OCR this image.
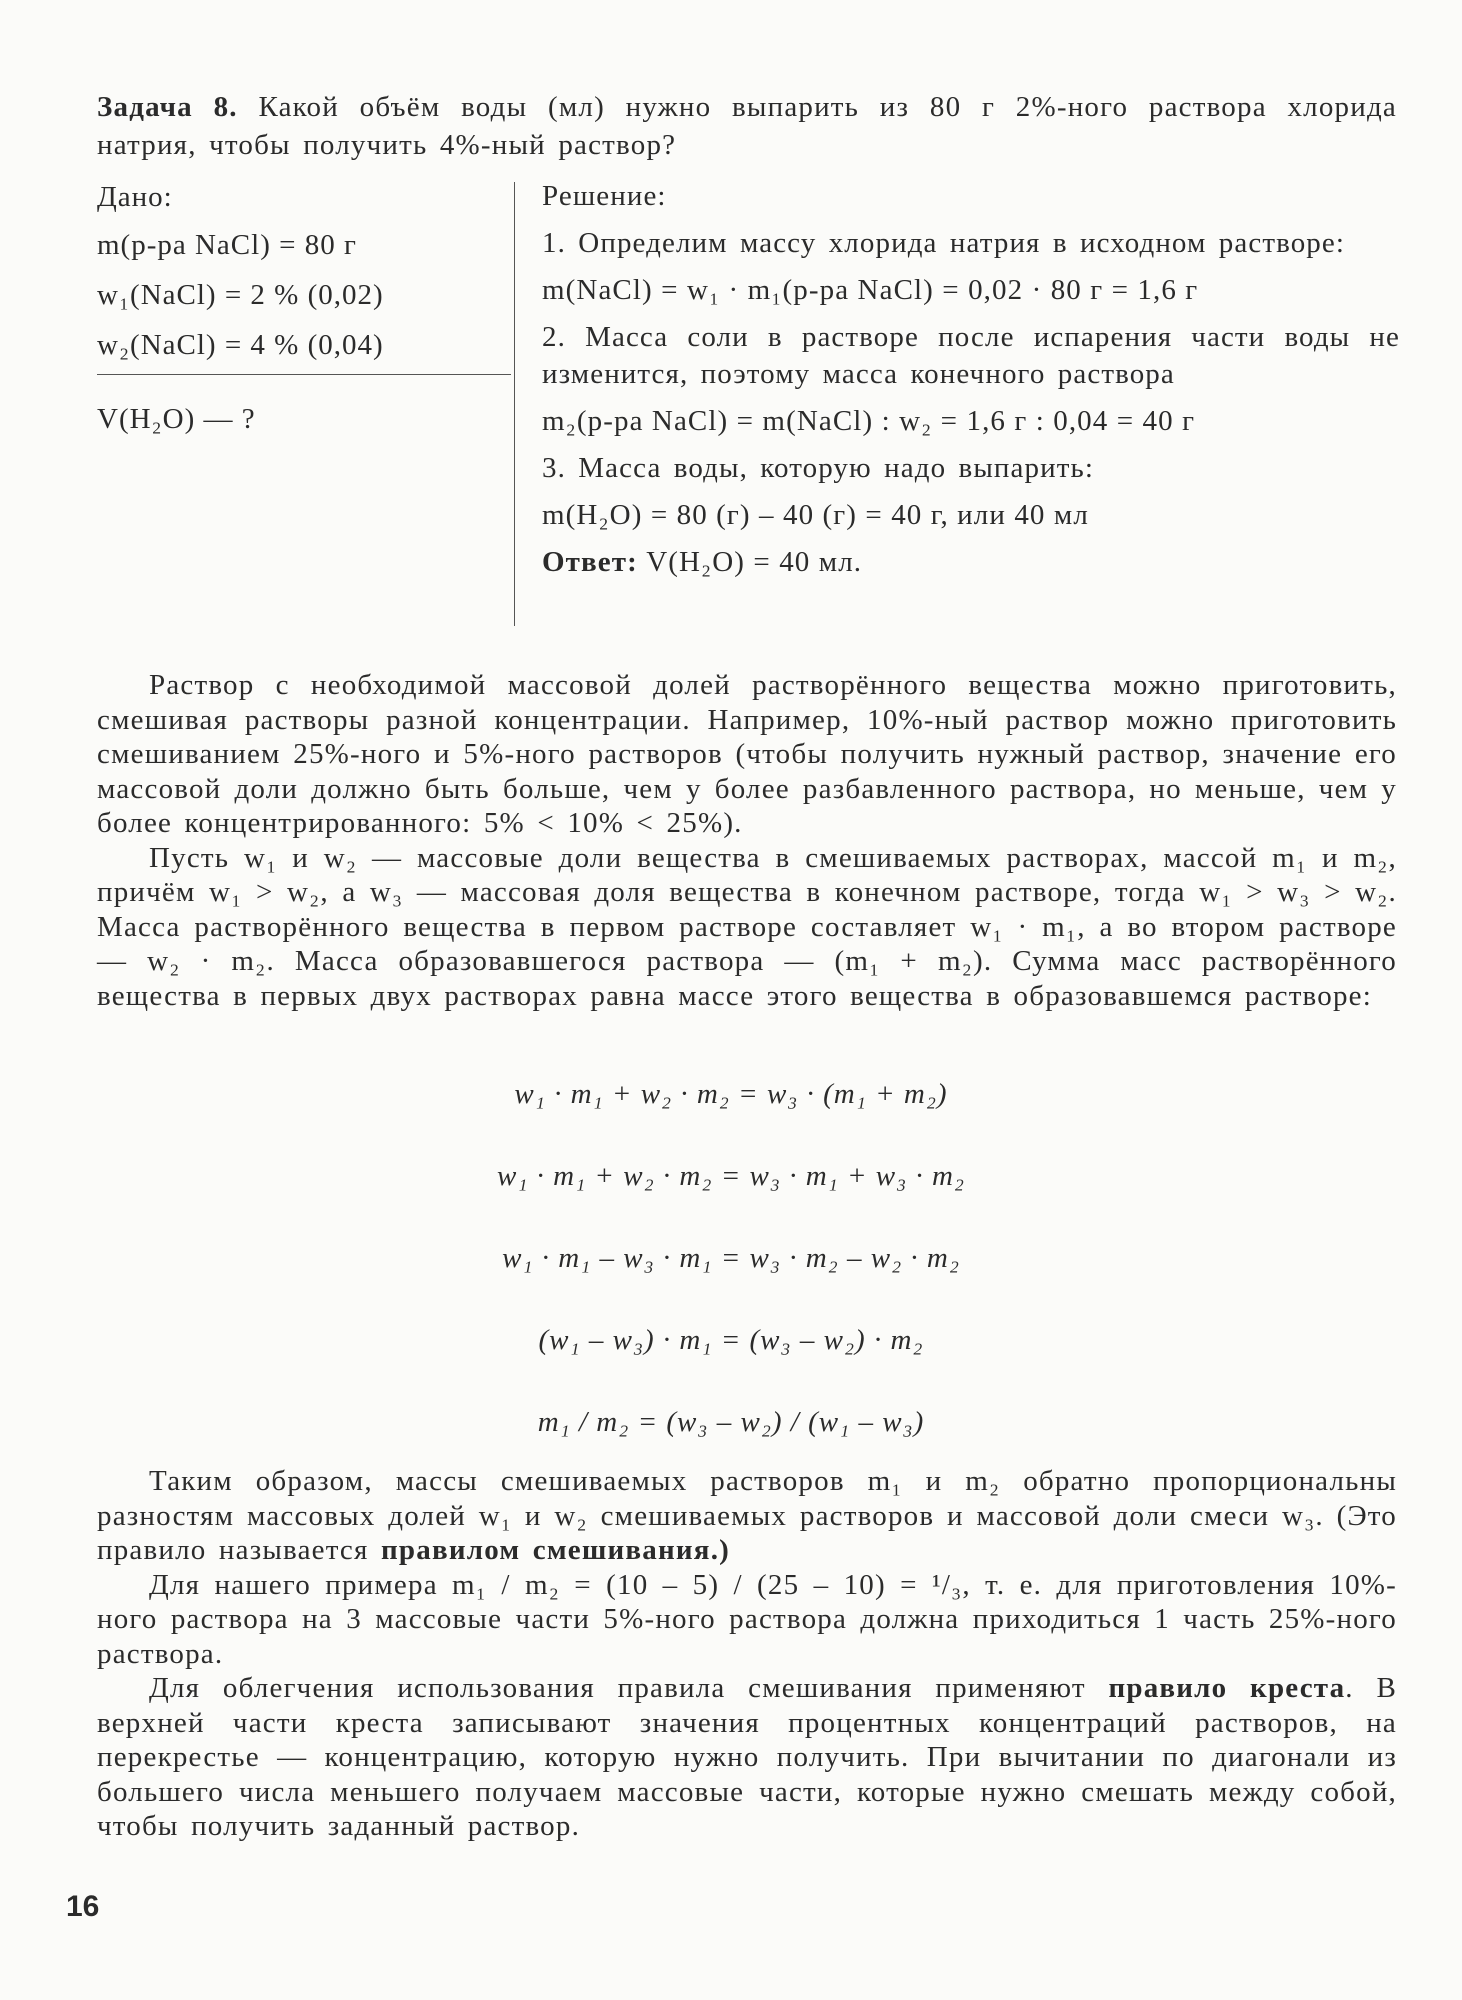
Задача 8. Какой объём воды (мл) нужно выпарить из 80 г 2%-ного раствора хлорида натрия, чтобы получить 4%-ный раствор?
Дано:
m(р-ра NaCl) = 80 г
w₁(NaCl) = 2 % (0,02)
w₂(NaCl) = 4 % (0,04)
V(H₂O) — ?
Решение:
1. Определим массу хлорида натрия в исходном растворе:
m(NaCl) = w₁ · m₁(р-ра NaCl) = 0,02 · 80 г = 1,6 г
2. Масса соли в растворе после испарения части воды не изменится, поэтому масса конечного раствора
m₂(р-ра NaCl) = m(NaCl) : w₂ = 1,6 г : 0,04 = 40 г
3. Масса воды, которую надо выпарить:
m(H₂O) = 80 (г) – 40 (г) = 40 г, или 40 мл
Ответ: V(H₂O) = 40 мл.

Раствор с необходимой массовой долей растворённого вещества можно приготовить, смешивая растворы разной концентрации. Например, 10%-ный раствор можно приготовить смешиванием 25%-ного и 5%-ного растворов (чтобы получить нужный раствор, значение его массовой доли должно быть больше, чем у более разбавленного раствора, но меньше, чем у более концентрированного: 5% < 10% < 25%).

Пусть w₁ и w₂ — массовые доли вещества в смешиваемых растворах, массой m₁ и m₂, причём w₁ > w₂, а w₃ — массовая доля вещества в конечном растворе, тогда w₁ > w₃ > w₂. Масса растворённого вещества в первом растворе составляет w₁ · m₁, а во втором растворе — w₂ · m₂. Масса образовавшегося раствора — (m₁ + m₂). Сумма масс растворённого вещества в первых двух растворах равна массе этого вещества в образовавшемся растворе:

w₁ · m₁ + w₂ · m₂ = w₃ · (m₁ + m₂)
w₁ · m₁ + w₂ · m₂ = w₃ · m₁ + w₃ · m₂
w₁ · m₁ – w₃ · m₁ = w₃ · m₂ – w₂ · m₂
(w₁ – w₃) · m₁ = (w₃ – w₂) · m₂
m₁ / m₂ = (w₃ – w₂) / (w₁ – w₃)

Таким образом, массы смешиваемых растворов m₁ и m₂ обратно пропорциональны разностям массовых долей w₁ и w₂ смешиваемых растворов и массовой доли смеси w₃. (Это правило называется правилом смешивания.)

Для нашего примера m₁ / m₂ = (10 – 5) / (25 – 10) = ¹/₃, т. е. для приготовления 10%-ного раствора на 3 массовые части 5%-ного раствора должна приходиться 1 часть 25%-ного раствора.

Для облегчения использования правила смешивания применяют правило креста. В верхней части креста записывают значения процентных концентраций растворов, на перекрестье — концентрацию, которую нужно получить. При вычитании по диагонали из большего числа меньшего получаем массовые части, которые нужно смешать между собой, чтобы получить заданный раствор.

16
